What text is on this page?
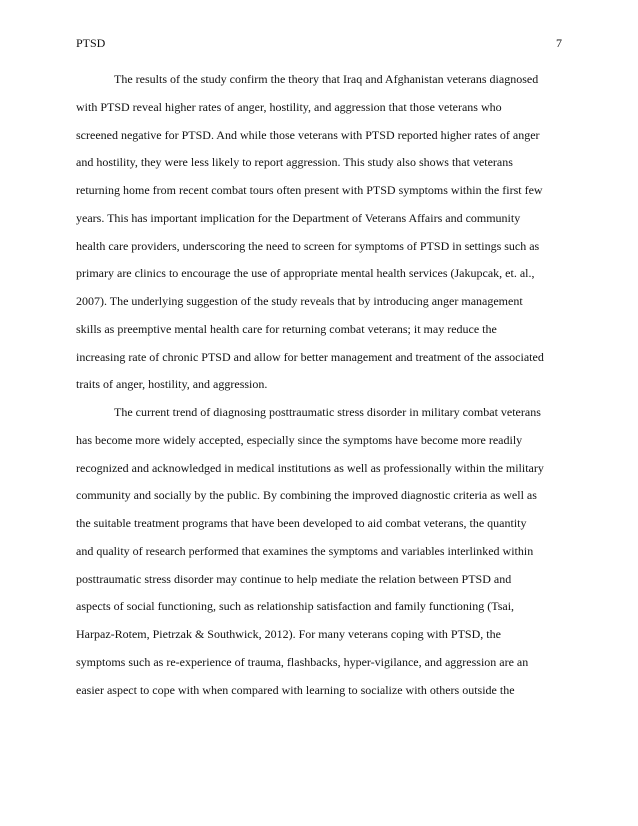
PTSD	7
The results of the study confirm the theory that Iraq and Afghanistan veterans diagnosed
with PTSD reveal higher rates of anger, hostility, and aggression that those veterans who
screened negative for PTSD. And while those veterans with PTSD reported higher rates of anger
and hostility, they were less likely to report aggression. This study also shows that veterans
returning home from recent combat tours often present with PTSD symptoms within the first few
years. This has important implication for the Department of Veterans Affairs and community
health care providers, underscoring the need to screen for symptoms of PTSD in settings such as
primary are clinics to encourage the use of appropriate mental health services (Jakupcak, et. al.,
2007). The underlying suggestion of the study reveals that by introducing anger management
skills as preemptive mental health care for returning combat veterans; it may reduce the
increasing rate of chronic PTSD and allow for better management and treatment of the associated
traits of anger, hostility, and aggression.
The current trend of diagnosing posttraumatic stress disorder in military combat veterans
has become more widely accepted, especially since the symptoms have become more readily
recognized and acknowledged in medical institutions as well as professionally within the military
community and socially by the public. By combining the improved diagnostic criteria as well as
the suitable treatment programs that have been developed to aid combat veterans, the quantity
and quality of research performed that examines the symptoms and variables interlinked within
posttraumatic stress disorder may continue to help mediate the relation between PTSD and
aspects of social functioning, such as relationship satisfaction and family functioning (Tsai,
Harpaz-Rotem, Pietrzak & Southwick, 2012). For many veterans coping with PTSD, the
symptoms such as re-experience of trauma, flashbacks, hyper-vigilance, and aggression are an
easier aspect to cope with when compared with learning to socialize with others outside the
